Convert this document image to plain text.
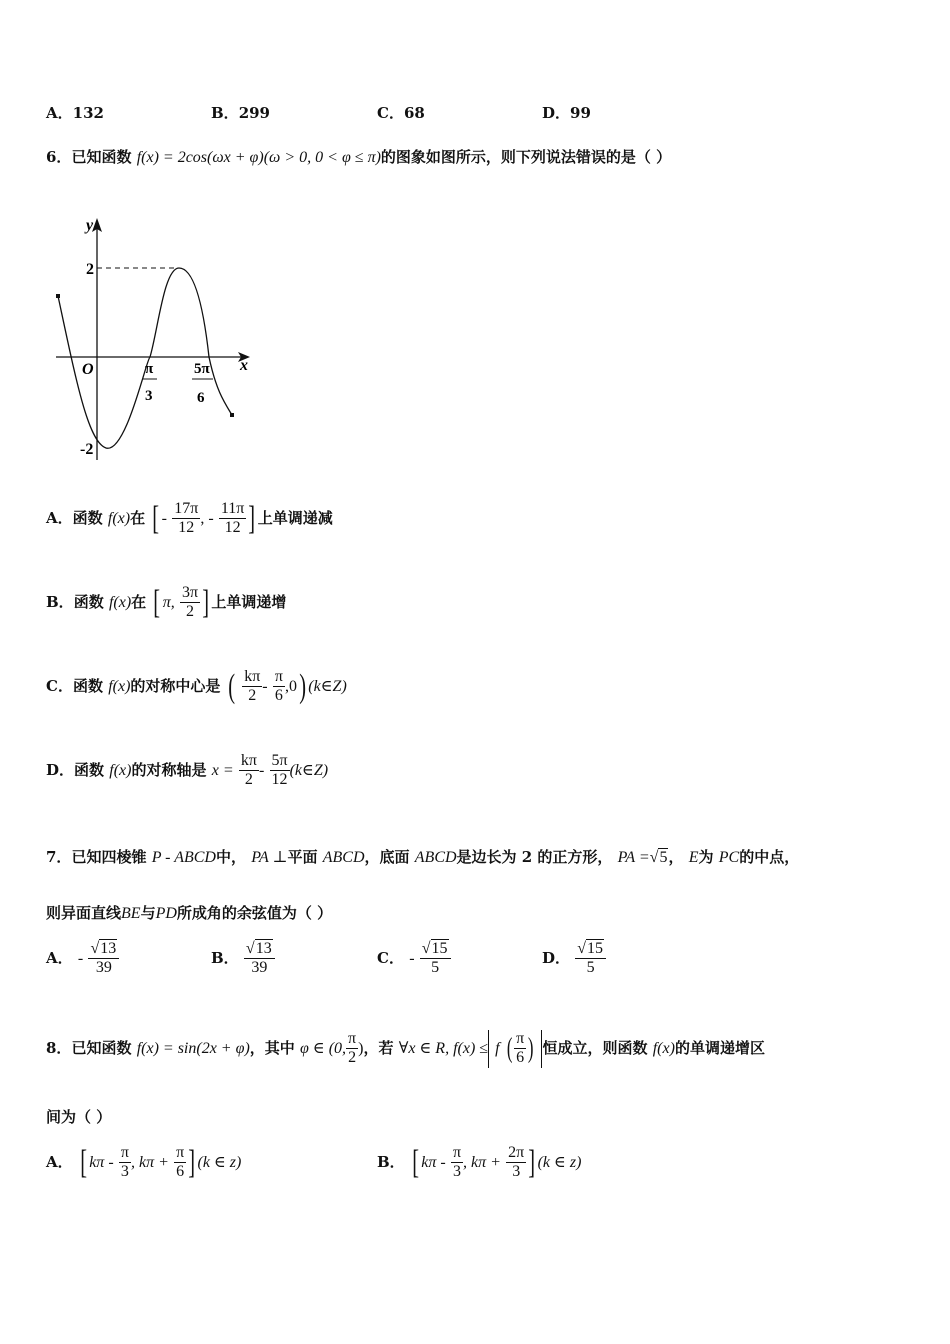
A．132	B．299	C．68	D．99
6．已知函数 f(x) = 2cos(ωx + φ)(ω > 0, 0 < φ ≤ π)的图象如图所示，则下列说法错误的是（ ）
y
x
O
2
-2
π
3
5π
6
A．函数 f(x)在 [ - $\frac{17\pi}{12}$ , - $\frac{11\pi}{12}$ ] 上单调递减
B．函数 f(x)在 [ π, $\frac{3\pi}{2}$ ] 上单调递增
C．函数 f(x)的对称中心是 ( $\frac{k\pi}{2} - \frac{\pi}{6} ,0$) (k∈Z)
D．函数 f(x)的对称轴是 $x = \frac{k\pi}{2} - \frac{5\pi}{12}$ (k∈Z)
7．已知四棱锥 P - ABCD中， PA ⊥平面 ABCD，底面 ABCD是边长为 2 的正方形， PA =√5， E为 PC的中点，
则异面直线BE与PD所成角的余弦值为（ ）
A． - $\frac{√13}{39}$	B． $\frac{√13}{39}$	C． - $\frac{√15}{5}$	D． $\frac{√15}{5}$
8．已知函数 f(x) = sin(2x + φ)，其中 φ ∈ (0, $\frac{\pi}{2}$ )，若 ∀x ∈ R, f(x) ≤ f ( $\frac{\pi}{6}$ ) 恒成立，则函数 f(x)的单调递增区
间为（ ）
A． [ kπ - $\frac{\pi}{3}$ , $k\pi + \frac{\pi}{6}$ ] (k ∈ z)	B． [ kπ - $\frac{\pi}{3}$ , $k\pi + \frac{2\pi}{3}$ ] (k ∈ z)
